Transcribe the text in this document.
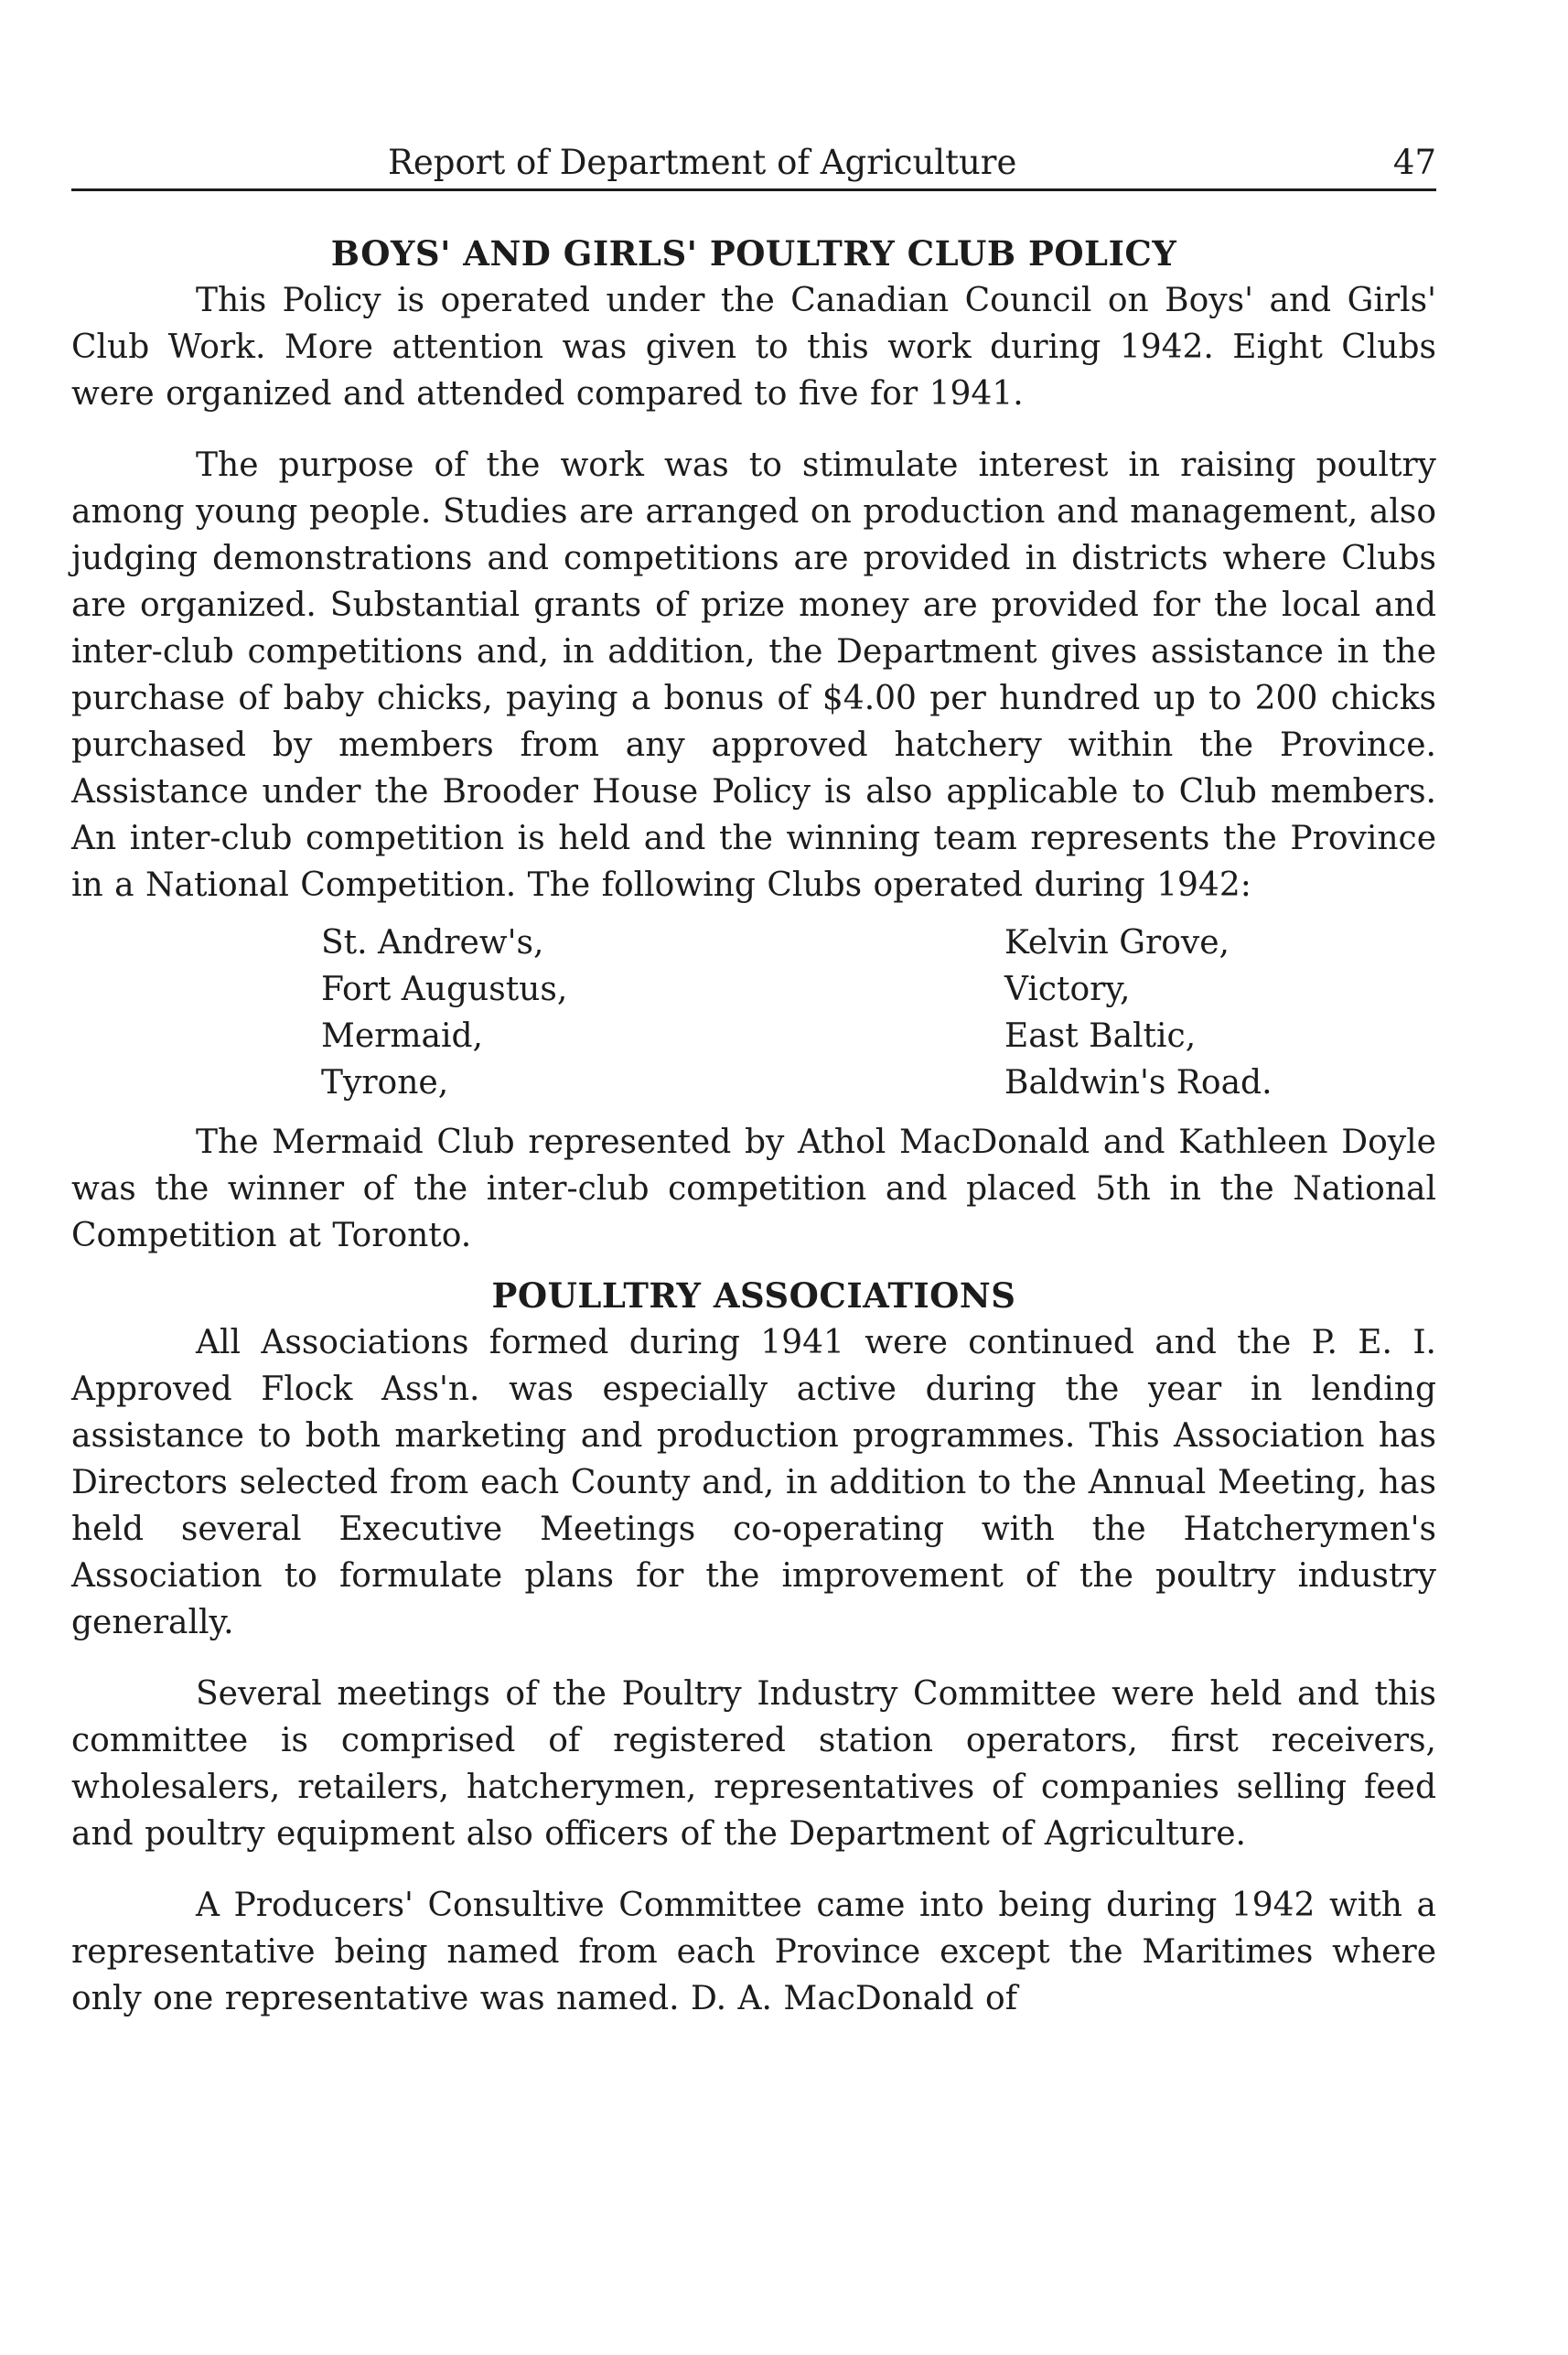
Report of Department of Agriculture	47
BOYS' AND GIRLS' POULTRY CLUB POLICY

This Policy is operated under the Canadian Council on Boys' and Girls' Club Work. More attention was given to this work during 1942. Eight Clubs were organized and attended compared to five for 1941.

The purpose of the work was to stimulate interest in raising poultry among young people. Studies are arranged on production and management, also judging demonstrations and competitions are provided in districts where Clubs are organized. Substantial grants of prize money are provided for the local and inter-club competitions and, in addition, the Department gives assistance in the purchase of baby chicks, paying a bonus of $4.00 per hundred up to 200 chicks purchased by members from any approved hatchery within the Province. Assistance under the Brooder House Policy is also applicable to Club members. An inter-club competition is held and the winning team represents the Province in a National Competition. The following Clubs operated during 1942:

St. Andrew's,
Fort Augustus,
Mermaid,
Tyrone,
Kelvin Grove,
Victory,
East Baltic,
Baldwin's Road.

The Mermaid Club represented by Athol MacDonald and Kathleen Doyle was the winner of the inter-club competition and placed 5th in the National Competition at Toronto.

POULLTRY ASSOCIATIONS

All Associations formed during 1941 were continued and the P. E. I. Approved Flock Ass'n. was especially active during the year in lending assistance to both marketing and production programmes. This Association has Directors selected from each County and, in addition to the Annual Meeting, has held several Executive Meetings co-operating with the Hatcherymen's Association to formulate plans for the improvement of the poultry industry generally.

Several meetings of the Poultry Industry Committee were held and this committee is comprised of registered station operators, first receivers, wholesalers, retailers, hatcherymen, representatives of companies selling feed and poultry equipment also officers of the Department of Agriculture.

A Producers' Consultive Committee came into being during 1942 with a representative being named from each Province except the Maritimes where only one representative was named. D. A. MacDonald of
